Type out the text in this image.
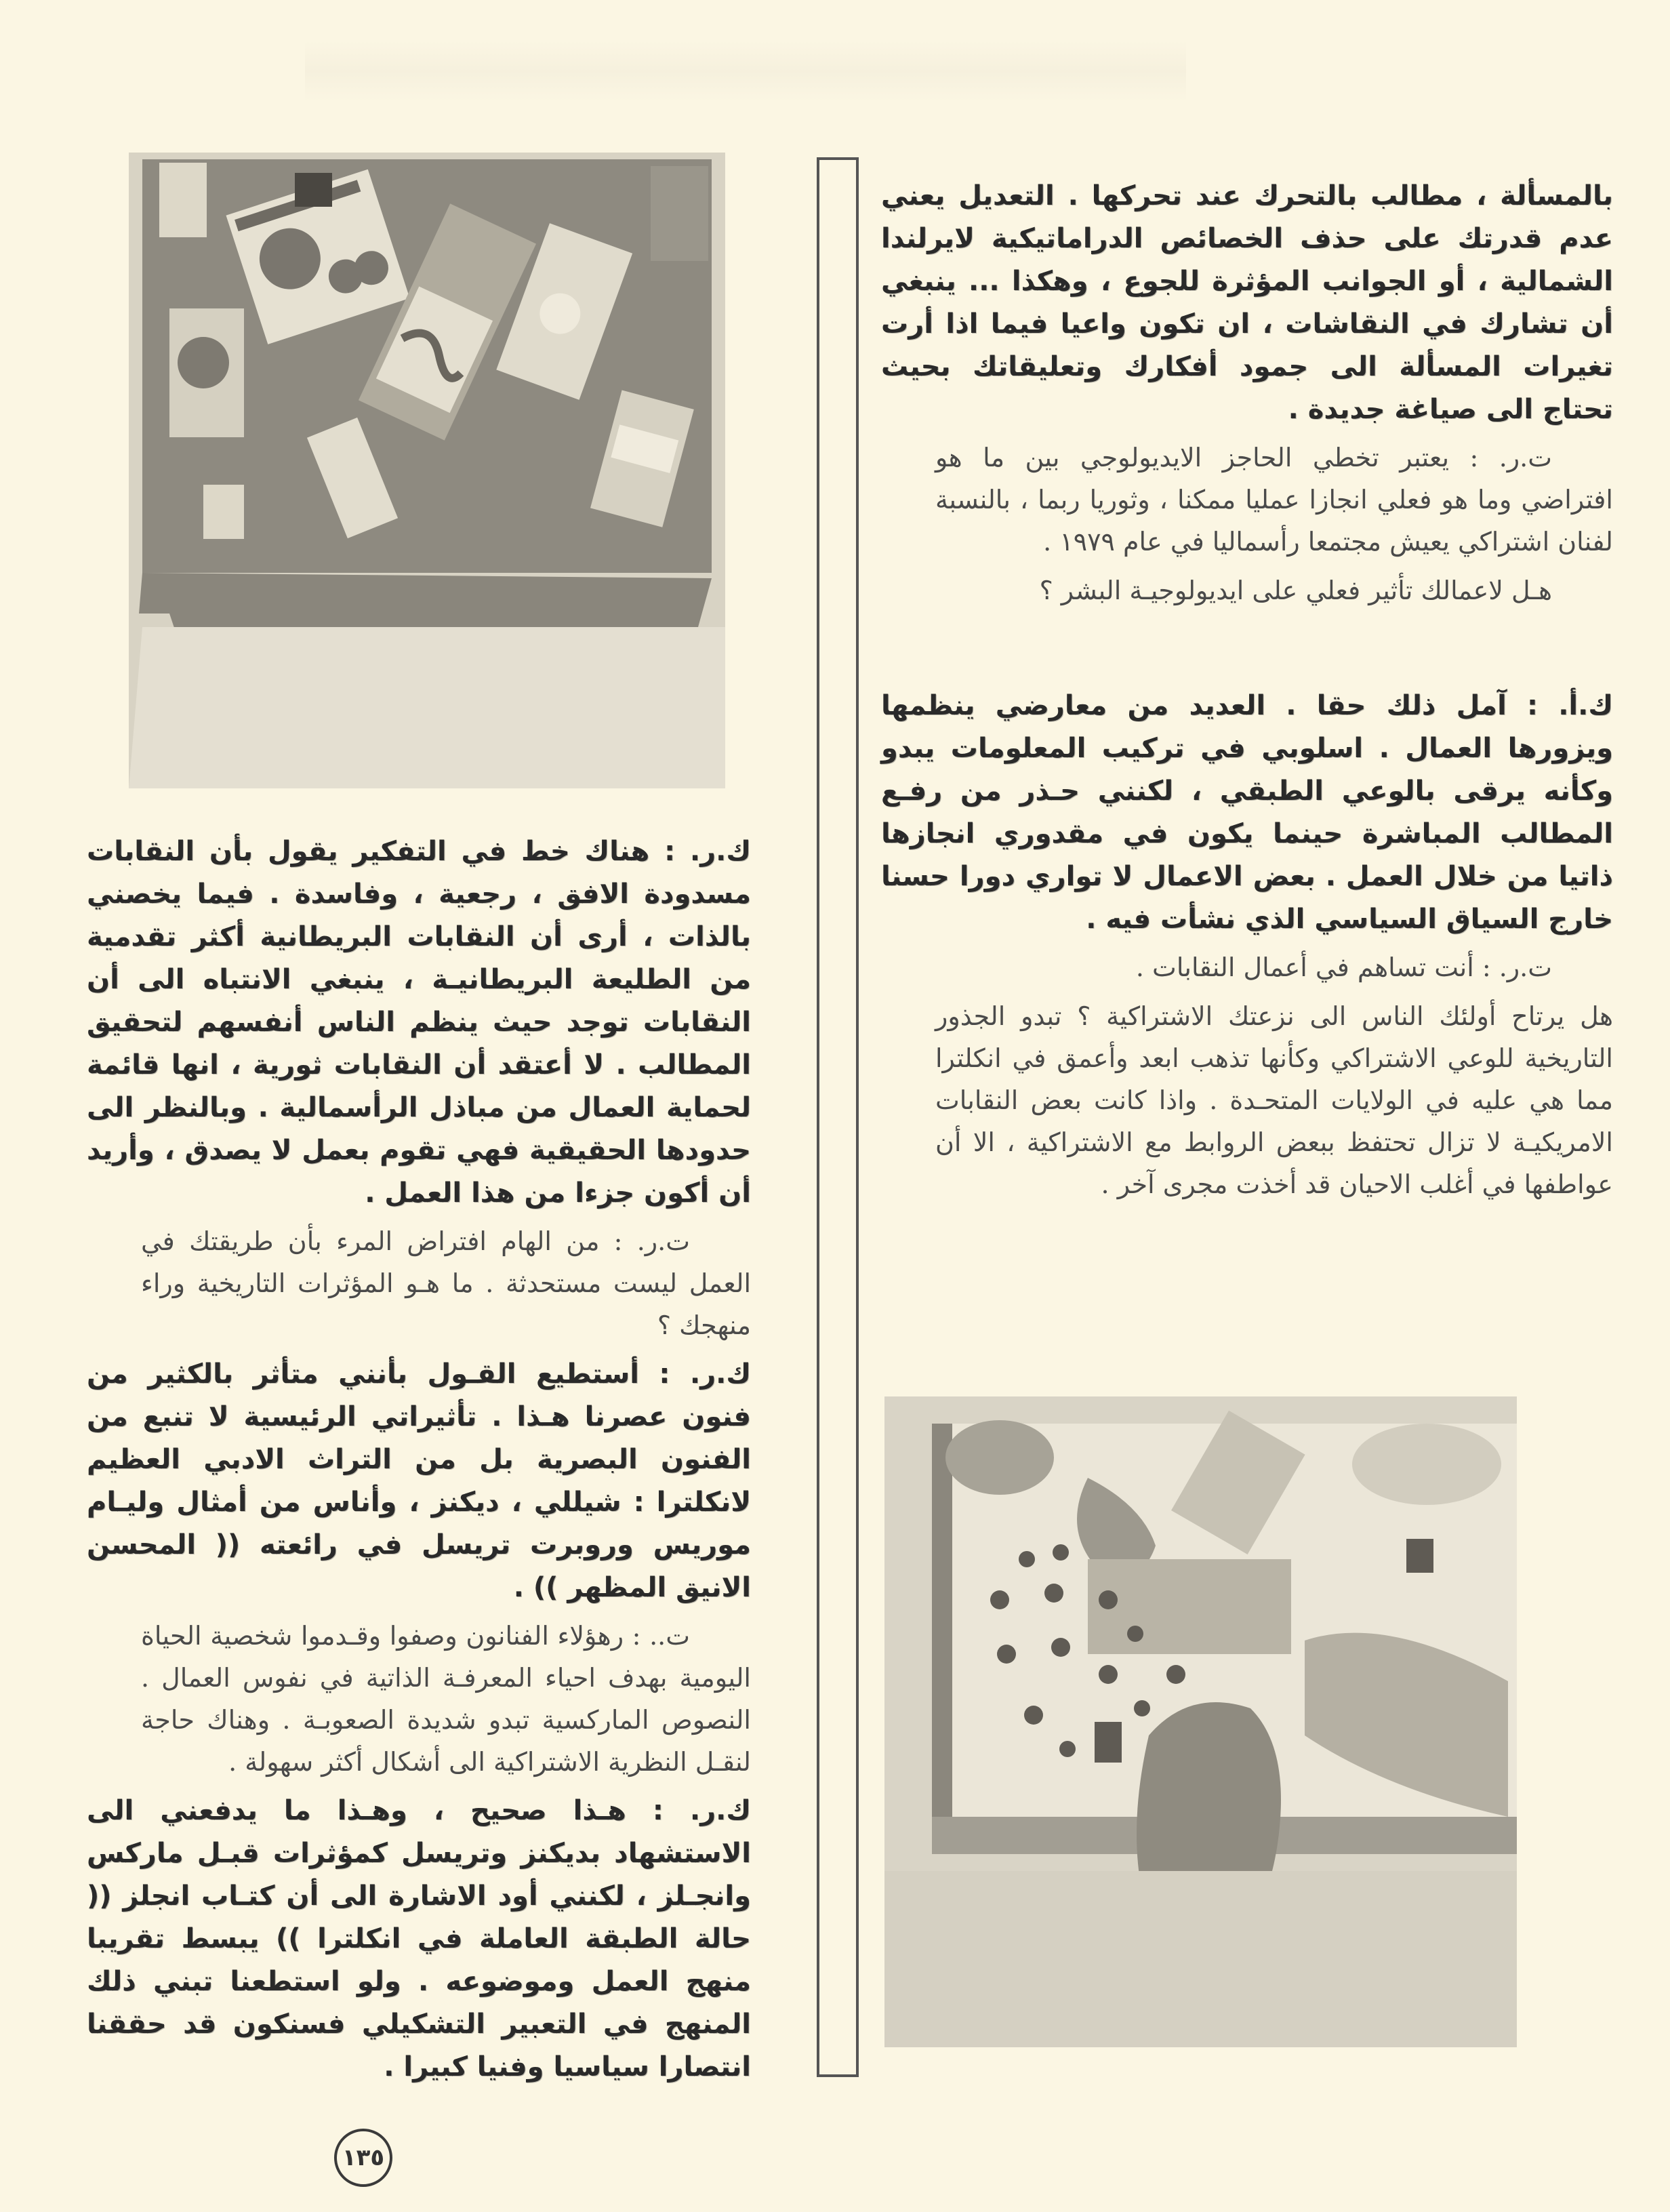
بالمسألة ، مطالب بالتحرك عند تحركها . التعديل يعني عدم قدرتك على حذف الخصائص الدراماتيكية لايرلندا الشمالية ، أو الجوانب المؤثرة للجوع ، وهكذا ... ينبغي أن تشارك في النقاشات ، ان تكون واعيا فيما اذا أرت تغيرات المسألة الى جمود أفكارك وتعليقاتك بحيث تحتاج الى صياغة جديدة .

ت.ر. : يعتبر تخطي الحاجز الايديولوجي بين ما هو افتراضي وما هو فعلي انجازا عمليا ممكنا ، وثوريا ربما ، بالنسبة لفنان اشتراكي يعيش مجتمعا رأسماليا في عام ١٩٧٩ .

هـل لاعمالك تأثير فعلي على ايديولوجيـة البشر ؟

ك.أ. : آمل ذلك حقا . العديد من معارضي ينظمها ويزورها العمال . اسلوبي في تركيب المعلومات يبدو وكأنه يرقى بالوعي الطبقي ، لكنني حـذر من رفـع المطالب المباشرة حينما يكون في مقدوري انجازها ذاتيا من خلال العمل . بعض الاعمال لا تواري دورا حسنا خارج السياق السياسي الذي نشأت فيه .

ت.ر. : أنت تساهم في أعمال النقابات .

هل يرتاح أولئك الناس الى نزعتك الاشتراكية ؟ تبدو الجذور التاريخية للوعي الاشتراكي وكأنها تذهب ابعد وأعمق في انكلترا مما هي عليه في الولايات المتحـدة . واذا كانت بعض النقابات الامريكيـة لا تزال تحتفظ ببعض الروابط مع الاشتراكية ، الا أن عواطفها في أغلب الاحيان قد أخذت مجرى آخر .

ك.ر. : هناك خط في التفكير يقول بأن النقابات مسدودة الافق ، رجعية ، وفاسدة . فيما يخصني بالذات ، أرى أن النقابات البريطانية أكثر تقدمية من الطليعة البريطانيـة ، ينبغي الانتباه الى أن النقابات توجد حيث ينظم الناس أنفسهم لتحقيق المطالب . لا أعتقد أن النقابات ثورية ، انها قائمة لحماية العمال من مباذل الرأسمالية . وبالنظر الى حدودها الحقيقية فهي تقوم بعمل لا يصدق ، وأريد أن أكون جزءا من هذا العمل .

ت.ر. : من الهام افتراض المرء بأن طريقتك في العمل ليست مستحدثة . ما هـو المؤثرات التاريخية وراء منهجك ؟

ك.ر. : أستطيع القـول بأنني متأثر بالكثير من فنون عصرنا هـذا . تأثيراتي الرئيسية لا تنبع من الفنون البصرية بل من التراث الادبي العظيم لانكلترا : شيللي ، ديكنز ، وأناس من أمثال وليـام موريس وروبرت تريسل في رائعته (( المحسن الانيق المظهر )) .

ت.. : رهؤلاء الفنانون وصفوا وقـدموا شخصية الحياة اليومية بهدف احياء المعرفـة الذاتية في نفوس العمال . النصوص الماركسية تبدو شديدة الصعوبـة . وهناك حاجة لنقـل النظرية الاشتراكية الى أشكال أكثر سهولة .

ك.ر. : هـذا صحيح ، وهـذا ما يدفعني الى الاستشهاد بديكنز وتريسل كمؤثرات قبـل ماركس وانجـلز ، لكنني أود الاشارة الى أن كتـاب انجلز (( حالة الطبقة العاملة في انكلترا )) يبسط تقريبا منهج العمل وموضوعه . ولو استطعنا تبني ذلك المنهج في التعبير التشكيلي فسنكون قد حققنا انتصارا سياسيا وفنيا كبيرا .

١٣٥
